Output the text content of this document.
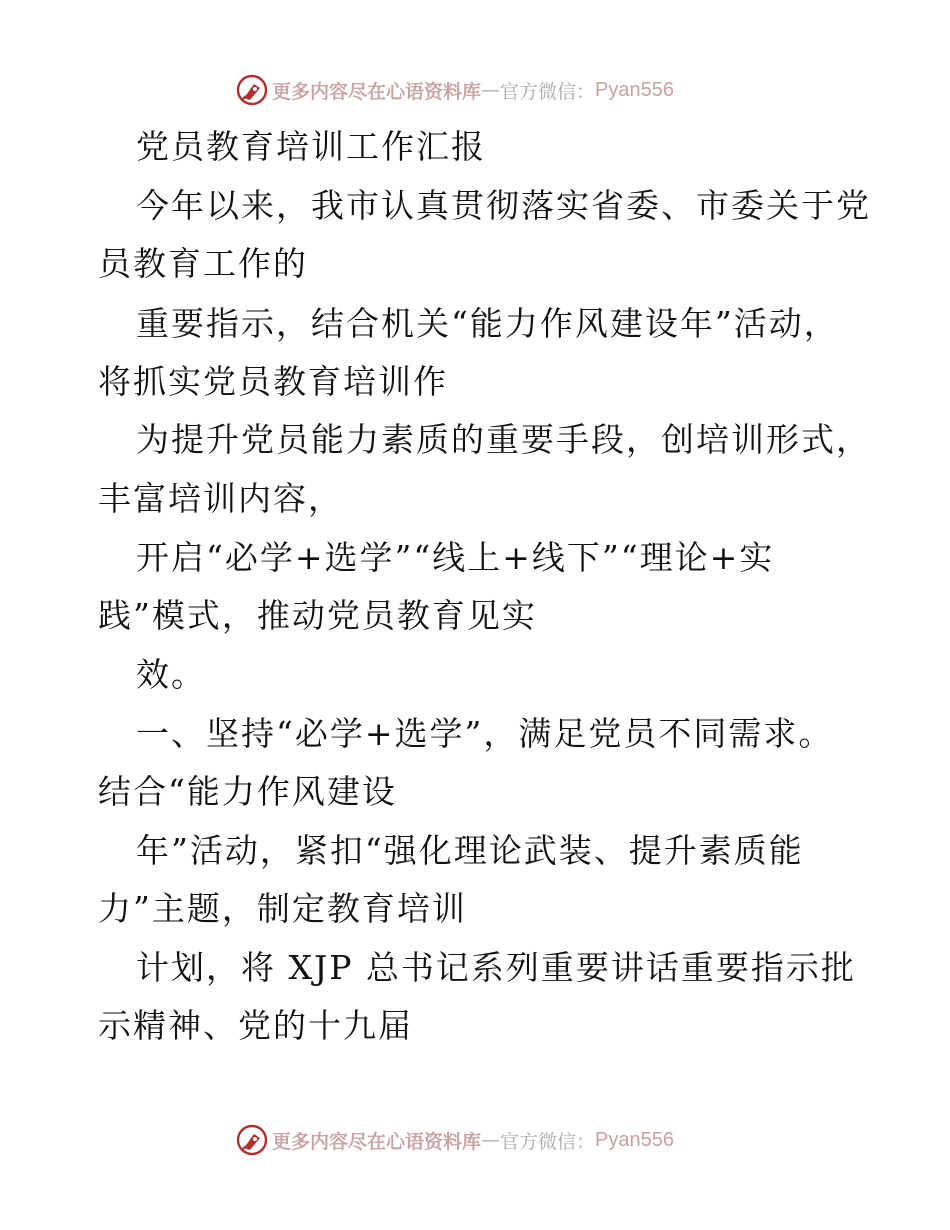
更多内容尽在心语资料库 — 官方微信： Pyan556
党员教育培训工作汇报
今年以来，我市认真贯彻落实省委、市委关于党
员教育工作的
重要指示，结合机关“能力作风建设年”活动，
将抓实党员教育培训作
为提升党员能力素质的重要手段，创培训形式，
丰富培训内容，
开启“必学+选学”“线上+线下”“理论+实
践”模式，推动党员教育见实
效。
一、坚持“必学+选学”，满足党员不同需求。
结合“能力作风建设
年”活动，紧扣“强化理论武装、提升素质能
力”主题，制定教育培训
计划，将 XJP 总书记系列重要讲话重要指示批
示精神、党的十九届
更多内容尽在心语资料库 — 官方微信： Pyan556
